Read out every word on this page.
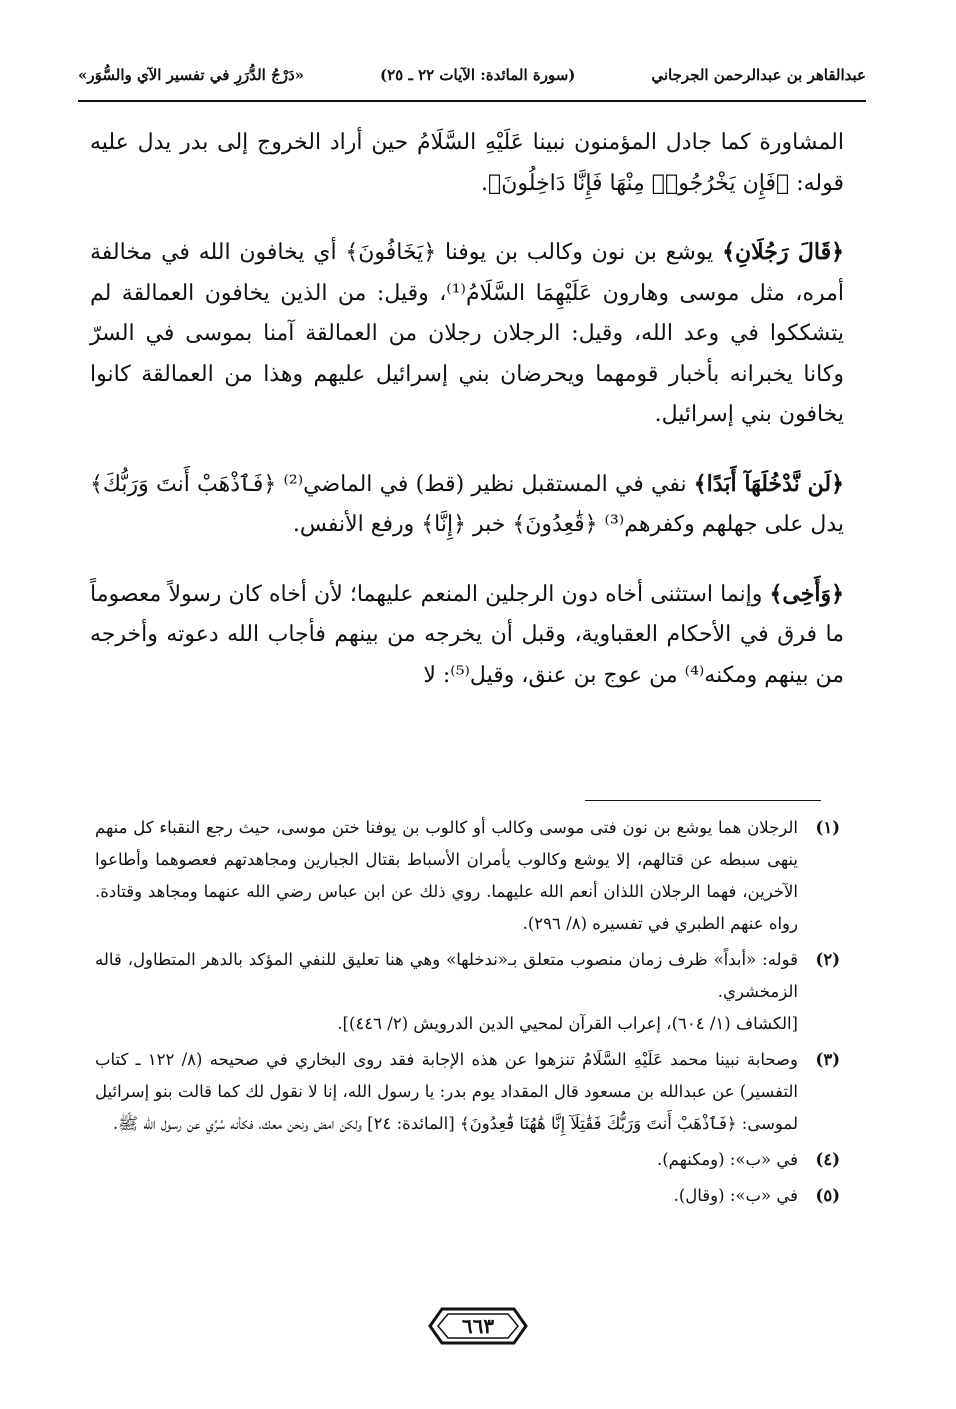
«دَرْجُ الدُّرَرِ في تفسير الآي والسُّوَر»	(سورة المائدة: الآيات ٢٢ ـ ٢٥)	عبدالقاهر بن عبدالرحمن الجرجاني

المشاورة كما جادل المؤمنون نبينا عَلَيْهِ السَّلَامُ حين أراد الخروج إلى بدر يدل عليه قوله: ﴿فَإِن يَخْرُجُوا۟ مِنْهَا فَإِنَّا دَاخِلُونَ﴾.

﴿قَالَ رَجُلَانِ﴾ يوشع بن نون وكالب بن يوفنا ﴿يَخَافُونَ﴾ أي يخافون الله في مخالفة أمره، مثل موسى وهارون عَلَيْهِمَا السَّلَامُ⁽¹⁾، وقيل: من الذين يخافون العمالقة لم يتشككوا في وعد الله، وقيل: الرجلان رجلان من العمالقة آمنا بموسى في السرّ وكانا يخبرانه بأخبار قومهما ويحرضان بني إسرائيل عليهم وهذا من العمالقة كانوا يخافون بني إسرائيل.

﴿لَن نَّدْخُلَهَآ أَبَدًا﴾ نفي في المستقبل نظير (قط) في الماضي⁽²⁾ ﴿فَٱذْهَبْ أَنتَ وَرَبُّكَ﴾ يدل على جهلهم وكفرهم⁽³⁾ ﴿قَٰعِدُونَ﴾ خبر ﴿إِنَّا﴾ ورفع الأنفس.

﴿وَأَخِى﴾ وإنما استثنى أخاه دون الرجلين المنعم عليهما؛ لأن أخاه كان رسولاً معصوماً ما فرق في الأحكام العقباوية، وقبل أن يخرجه من بينهم فأجاب الله دعوته وأخرجه من بينهم ومكنه⁽⁴⁾ من عوج بن عنق، وقيل⁽⁵⁾: لا

(١)

الرجلان هما يوشع بن نون فتى موسى وكالب أو كالوب بن يوفنا ختن موسى، حيث رجع النقباء كل منهم ينهى سبطه عن قتالهم، إلا يوشع وكالوب يأمران الأسباط بقتال الجبارين ومجاهدتهم فعصوهما وأطاعوا الآخرين، فهما الرجلان اللذان أنعم الله عليهما. روي ذلك عن ابن عباس رضي الله عنهما ومجاهد وقتادة. رواه عنهم الطبري في تفسيره (٨/ ٢٩٦).

(٢)

قوله: «أبداً» ظرف زمان منصوب متعلق بـ«ندخلها» وهي هنا تعليق للنفي المؤكد بالدهر المتطاول، قاله الزمخشري.

[الكشاف (١/ ٦٠٤)، إعراب القرآن لمحيي الدين الدرويش (٢/ ٤٤٦)].

(٣)

وصحابة نبينا محمد عَلَيْهِ السَّلَامُ تنزهوا عن هذه الإجابة فقد روى البخاري في صحيحه (٨/ ١٢٢ ـ كتاب التفسير) عن عبدالله بن مسعود قال المقداد يوم بدر: يا رسول الله، إنا لا نقول لك كما قالت بنو إسرائيل لموسى: ﴿فَٱذْهَبْ أَنتَ وَرَبُّكَ فَقَٰتِلَآ إِنَّا هَٰهُنَا قَٰعِدُونَ﴾ [المائدة: ٢٤] ولكن امض ونحن معك، فكأنه سُرِّي عن رسول الله ﷺ.

(٤)

في «ب»: (ومكنهم).

(٥)

في «ب»: (وقال).

٦٦٣
